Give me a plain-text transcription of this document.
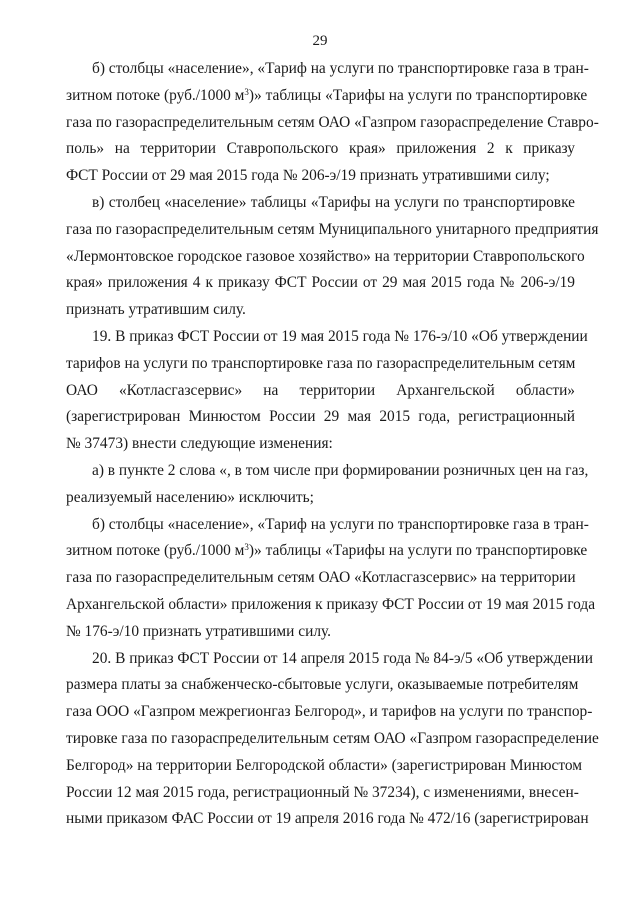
29
б) столбцы «население», «Тариф на услуги по транспортировке газа в тран-
зитном потоке (руб./1000 $м^3$)» таблицы «Тарифы на услуги по транспортировке
газа по газораспределительным сетям ОАО «Газпром газораспределение Ставро-
поль» на территории Ставропольского края» приложения 2 к приказу
ФСТ России от 29 мая 2015 года № 206-э/19 признать утратившими силу;
в) столбец «население» таблицы «Тарифы на услуги по транспортировке
газа по газораспределительным сетям Муниципального унитарного предприятия
«Лермонтовское городское газовое хозяйство» на территории Ставропольского
края» приложения 4 к приказу ФСТ России от 29 мая 2015 года № 206-э/19
признать утратившим силу.
19. В приказ ФСТ России от 19 мая 2015 года № 176-э/10 «Об утверждении
тарифов на услуги по транспортировке газа по газораспределительным сетям
ОАО «Котласгазсервис» на территории Архангельской области»
(зарегистрирован Минюстом России 29 мая 2015 года, регистрационный
№ 37473) внести следующие изменения:
а) в пункте 2 слова «, в том числе при формировании розничных цен на газ,
реализуемый населению» исключить;
б) столбцы «население», «Тариф на услуги по транспортировке газа в тран-
зитном потоке (руб./1000 $м^3$)» таблицы «Тарифы на услуги по транспортировке
газа по газораспределительным сетям ОАО «Котласгазсервис» на территории
Архангельской области» приложения к приказу ФСТ России от 19 мая 2015 года
№ 176-э/10 признать утратившими силу.
20. В приказ ФСТ России от 14 апреля 2015 года № 84-э/5 «Об утверждении
размера платы за снабженческо-сбытовые услуги, оказываемые потребителям
газа ООО «Газпром межрегионгаз Белгород», и тарифов на услуги по транспор-
тировке газа по газораспределительным сетям ОАО «Газпром газораспределение
Белгород» на территории Белгородской области» (зарегистрирован Минюстом
России 12 мая 2015 года, регистрационный № 37234), с изменениями, внесен-
ными приказом ФАС России от 19 апреля 2016 года № 472/16 (зарегистрирован
